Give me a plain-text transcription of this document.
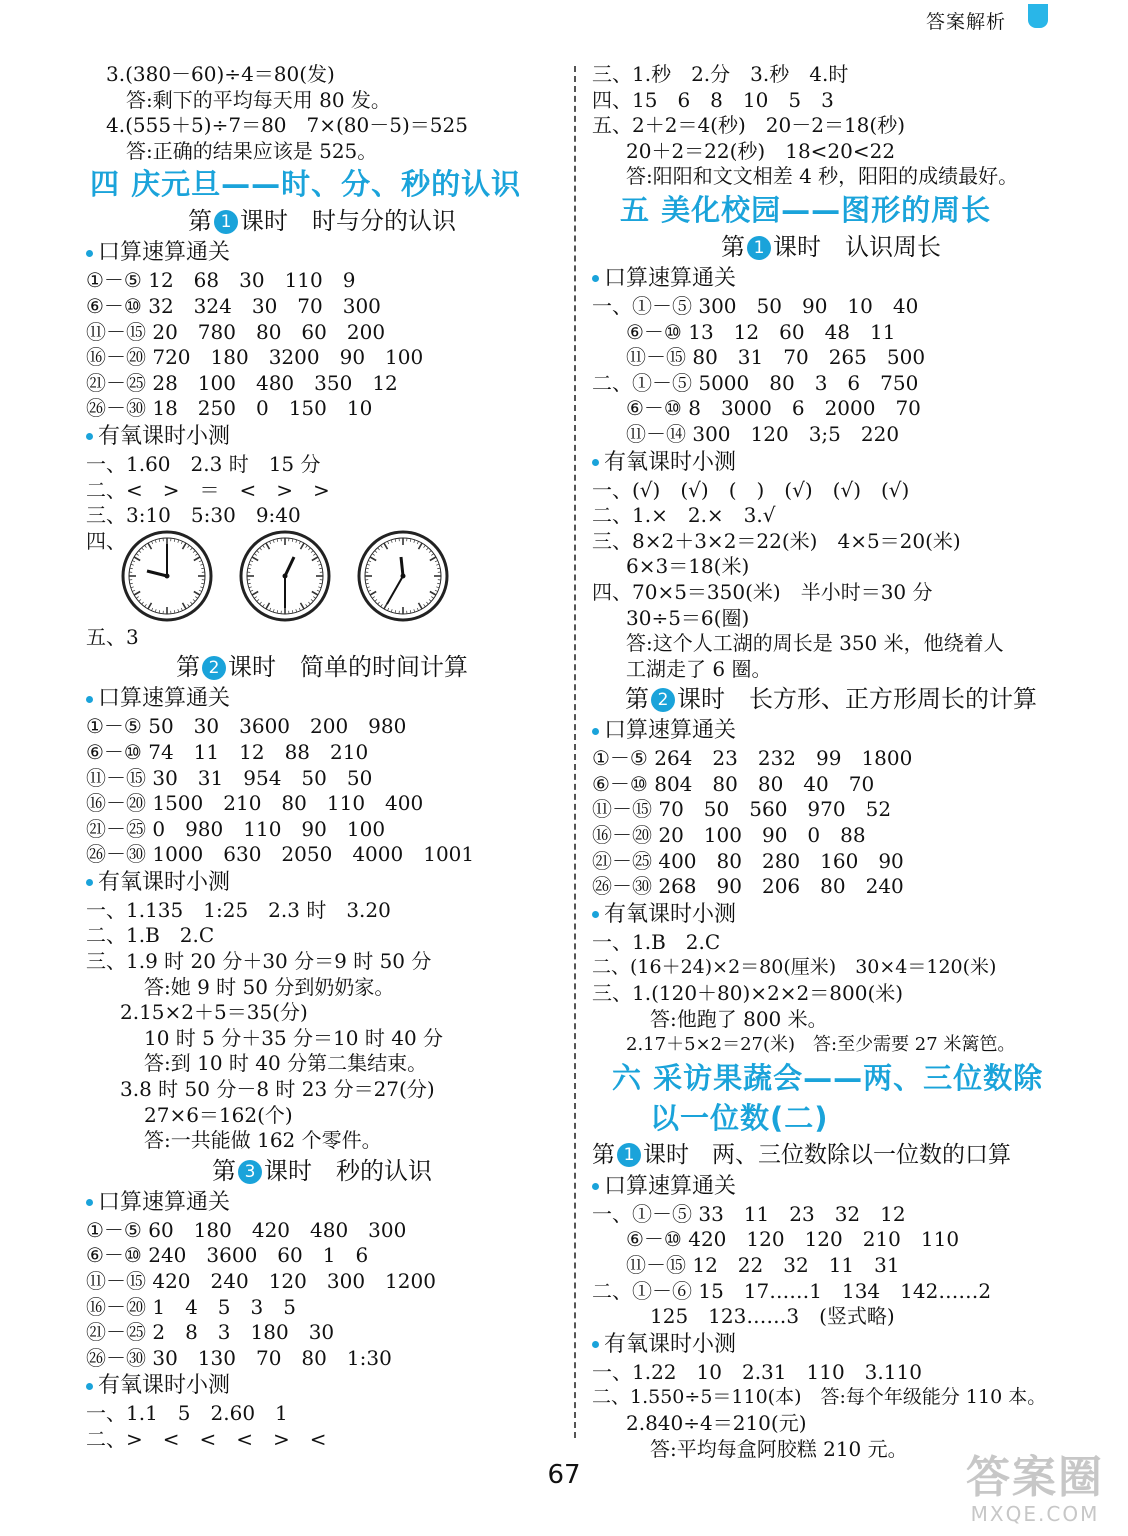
答案解析
3.(380－60)÷4＝80(发)
答:剩下的平均每天用 80 发。
4.(555＋5)÷7＝80　7×(80－5)＝525
答:正确的结果应该是 525。
四 庆元旦——时、分、秒的认识
第 1 课时　时与分的认识
口算速算通关
①－⑤ 12　68　30　110　9
⑥－⑩ 32　324　30　70　300
⑪－⑮ 20　780　80　60　200
⑯－⑳ 720　180　3200　90　100
㉑－㉕ 28　100　480　350　12
㉖－㉚ 18　250　0　150　10
有氧课时小测
一、1.60　2.3 时　15 分
二、<　>　＝　<　>　>
三、3:10　5:30　9:40
四、
五、3
第 2 课时　简单的时间计算
口算速算通关
①－⑤ 50　30　3600　200　980
⑥－⑩ 74　11　12　88　210
⑪－⑮ 30　31　954　50　50
⑯－⑳ 1500　210　80　110　400
㉑－㉕ 0　980　110　90　100
㉖－㉚ 1000　630　2050　4000　1001
有氧课时小测
一、1.135　1:25　2.3 时　3.20
二、1.B　2.C
三、1.9 时 20 分＋30 分＝9 时 50 分
答:她 9 时 50 分到奶奶家。
2.15×2＋5＝35(分)
10 时 5 分＋35 分＝10 时 40 分
答:到 10 时 40 分第二集结束。
3.8 时 50 分－8 时 23 分＝27(分)
27×6＝162(个)
答:一共能做 162 个零件。
第 3 课时　秒的认识
口算速算通关
①－⑤ 60　180　420　480　300
⑥－⑩ 240　3600　60　1　6
⑪－⑮ 420　240　120　300　1200
⑯－⑳ 1　4　5　3　5
㉑－㉕ 2　8　3　180　30
㉖－㉚ 30　130　70　80　1:30
有氧课时小测
一、1.1　5　2.60　1
二、>　<　<　<　>　<
三、1.秒　2.分　3.秒　4.时
四、15　6　8　10　5　3
五、2＋2＝4(秒)　20－2＝18(秒)
20＋2＝22(秒)　18<20<22
答:阳阳和文文相差 4 秒，阳阳的成绩最好。
五 美化校园——图形的周长
第 1 课时　认识周长
口算速算通关
一、①－⑤ 300　50　90　10　40
⑥－⑩ 13　12　60　48　11
⑪－⑮ 80　31　70　265　500
二、①－⑤ 5000　80　3　6　750
⑥－⑩ 8　3000　6　2000　70
⑪－⑭ 300　120　3;5　220
有氧课时小测
一、(√)　(√)　(　)　(√)　(√)　(√)
二、1.×　2.×　3.√
三、8×2＋3×2＝22(米)　4×5＝20(米)
6×3＝18(米)
四、70×5＝350(米)　半小时＝30 分
30÷5＝6(圈)
答:这个人工湖的周长是 350 米，他绕着人
工湖走了 6 圈。
第 2 课时　长方形、正方形周长的计算
口算速算通关
①－⑤ 264　23　232　99　1800
⑥－⑩ 804　80　80　40　70
⑪－⑮ 70　50　560　970　52
⑯－⑳ 20　100　90　0　88
㉑－㉕ 400　80　280　160　90
㉖－㉚ 268　90　206　80　240
有氧课时小测
一、1.B　2.C
二、(16＋24)×2＝80(厘米)　30×4＝120(米)
三、1.(120＋80)×2×2＝800(米)
答:他跑了 800 米。
2.17＋5×2＝27(米)　答:至少需要 27 米篱笆。
六 采访果蔬会——两、三位数除
以一位数(二)
第 1 课时　两、三位数除以一位数的口算
口算速算通关
一、①－⑤ 33　11　23　32　12
⑥－⑩ 420　120　120　210　110
⑪－⑮ 12　22　32　11　31
二、①－⑥ 15　17……1　134　142……2
125　123……3　(竖式略)
有氧课时小测
一、1.22　10　2.31　110　3.110
二、1.550÷5＝110(本)　答:每个年级能分 110 本。
2.840÷4＝210(元)
答:平均每盒阿胶糕 210 元。
67	答案圈
MXQE.COM
